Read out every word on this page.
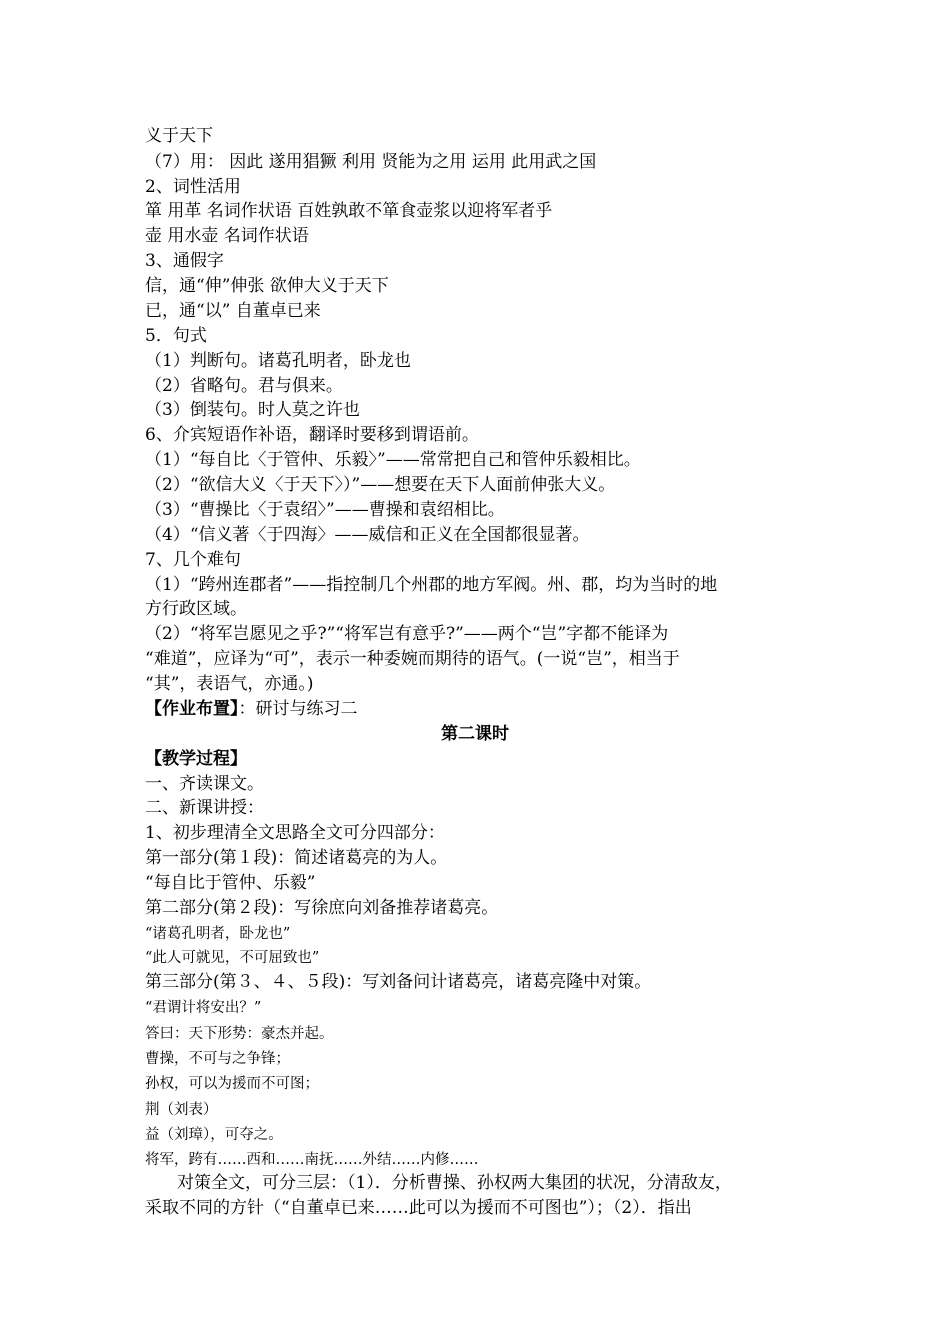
义于天下
（7）用： 因此 遂用猖獗 利用 贤能为之用 运用 此用武之国
2、词性活用
箪 用革 名词作状语 百姓孰敢不箪食壶浆以迎将军者乎
壶 用水壶 名词作状语
3、通假字
信，通“伸”伸张 欲伸大义于天下
已，通“以” 自董卓已来
5．句式
（1）判断句。诸葛孔明者，卧龙也
（2）省略句。君与俱来。
（3）倒装句。时人莫之许也
6、介宾短语作补语，翻译时要移到谓语前。
（1）“每自比〈于管仲、乐毅〉”——常常把自己和管仲乐毅相比。
（2）“欲信大义〈于天下〉）”——想要在天下人面前伸张大义。
（3）“曹操比〈于袁绍〉”——曹操和袁绍相比。
（4）“信义著〈于四海〉——威信和正义在全国都很显著。
7、几个难句
（1）“跨州连郡者”——指控制几个州郡的地方军阀。州、郡，均为当时的地
方行政区域。
（2）“将军岂愿见之乎?”“将军岂有意乎?”——两个“岂”字都不能译为
“难道”，应译为“可”，表示一种委婉而期待的语气。(一说“岂”，相当于
“其”，表语气，亦通。)
【作业布置】：研讨与练习二
第二课时
【教学过程】
一、齐读课文。
二、新课讲授：
1、初步理清全文思路全文可分四部分：
第一部分(第１段)：简述诸葛亮的为人。
“每自比于管仲、乐毅”
第二部分(第２段)：写徐庶向刘备推荐诸葛亮。
“诸葛孔明者，卧龙也”
“此人可就见，不可屈致也”
第三部分(第３、４、５段)：写刘备问计诸葛亮，诸葛亮隆中对策。
“君谓计将安出？”
答曰：天下形势：豪杰并起。
曹操，不可与之争锋；
孙权，可以为援而不可图；
荆（刘表）
益（刘璋），可夺之。
将军，跨有……西和……南抚……外结……内修……
对策全文，可分三层：（1）．分析曹操、孙权两大集团的状况，分清敌友，
采取不同的方针（“自董卓已来……此可以为援而不可图也”）；（2）．指出
